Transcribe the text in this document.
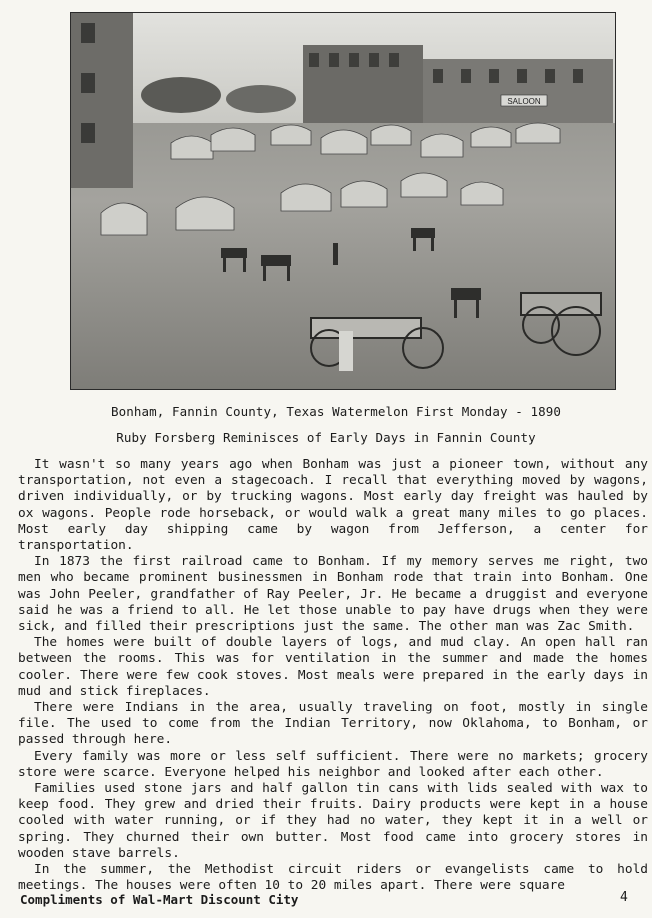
SALOON
Bonham, Fannin County, Texas Watermelon First Monday - 1890
Ruby Forsberg Reminisces of Early Days in Fannin County

It wasn't so many years ago when Bonham was just a pioneer town, without any transportation, not even a stagecoach. I recall that everything moved by wagons, driven individually, or by trucking wagons. Most early day freight was hauled by ox wagons. People rode horseback, or would walk a great many miles to go places. Most early day shipping came by wagon from Jefferson, a center for transportation.

In 1873 the first railroad came to Bonham. If my memory serves me right, two men who became prominent businessmen in Bonham rode that train into Bonham. One was John Peeler, grandfather of Ray Peeler, Jr. He became a druggist and everyone said he was a friend to all. He let those unable to pay have drugs when they were sick, and filled their prescriptions just the same. The other man was Zac Smith.

The homes were built of double layers of logs, and mud clay. An open hall ran between the rooms. This was for ventilation in the summer and made the homes cooler. There were few cook stoves. Most meals were prepared in the early days in mud and stick fireplaces.

There were Indians in the area, usually traveling on foot, mostly in single file. The used to come from the Indian Territory, now Oklahoma, to Bonham, or passed through here.

Every family was more or less self sufficient. There were no markets; grocery store were scarce. Everyone helped his neighbor and looked after each other.

Families used stone jars and half gallon tin cans with lids sealed with wax to keep food. They grew and dried their fruits. Dairy products were kept in a house cooled with water running, or if they had no water, they kept it in a well or spring. They churned their own butter. Most food came into grocery stores in wooden stave barrels.

In the summer, the Methodist circuit riders or evangelists came to hold meetings. The houses were often 10 to 20 miles apart. There were square

Compliments of Wal-Mart Discount City	4
